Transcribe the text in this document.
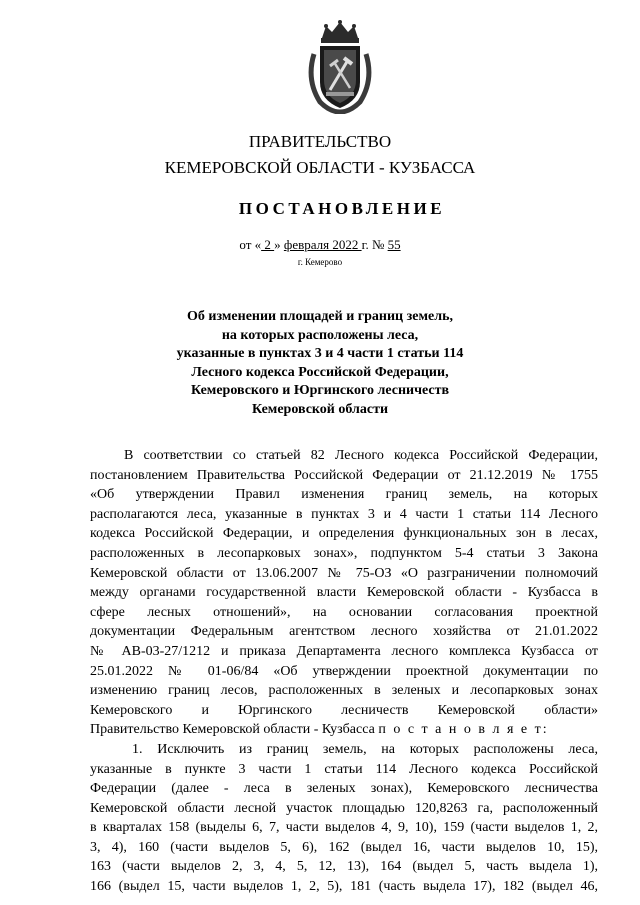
ПРАВИТЕЛЬСТВО
КЕМЕРОВСКОЙ ОБЛАСТИ - КУЗБАССА
ПОСТАНОВЛЕНИЕ
от « 2 » февраля 2022 г. № 55
г. Кемерово
Об изменении площадей и границ земель,
на которых расположены леса,
указанные в пунктах 3 и 4 части 1 статьи 114
Лесного кодекса Российской Федерации,
Кемеровского и Юргинского лесничеств
Кемеровской области
В соответствии со статьей 82 Лесного кодекса Российской Федерации,
постановлением Правительства Российской Федерации от 21.12.2019 № 1755
«Об утверждении Правил изменения границ земель, на которых
располагаются леса, указанные в пунктах 3 и 4 части 1 статьи 114 Лесного
кодекса Российской Федерации, и определения функциональных зон в лесах,
расположенных в лесопарковых зонах», подпунктом 5-4 статьи 3 Закона
Кемеровской области от 13.06.2007 № 75-ОЗ «О разграничении полномочий
между органами государственной власти Кемеровской области - Кузбасса в
сфере лесных отношений», на основании согласования проектной
документации Федеральным агентством лесного хозяйства от 21.01.2022
№ АВ-03-27/1212 и приказа Департамента лесного комплекса Кузбасса от
25.01.2022 № 01-06/84 «Об утверждении проектной документации по
изменению границ лесов, расположенных в зеленых и лесопарковых зонах
Кемеровского и Юргинского лесничеств Кемеровской области»
Правительство Кемеровской области - Кузбасса п о с т а н о в л я е т:
1. Исключить из границ земель, на которых расположены леса,
указанные в пункте 3 части 1 статьи 114 Лесного кодекса Российской
Федерации (далее - леса в зеленых зонах), Кемеровского лесничества
Кемеровской области лесной участок площадью 120,8263 га, расположенный
в кварталах 158 (выделы 6, 7, части выделов 4, 9, 10), 159 (части выделов 1, 2,
3, 4), 160 (части выделов 5, 6), 162 (выдел 16, части выделов 10, 15),
163 (части выделов 2, 3, 4, 5, 12, 13), 164 (выдел 5, часть выдела 1),
166 (выдел 15, части выделов 1, 2, 5), 181 (часть выдела 17), 182 (выдел 46,
